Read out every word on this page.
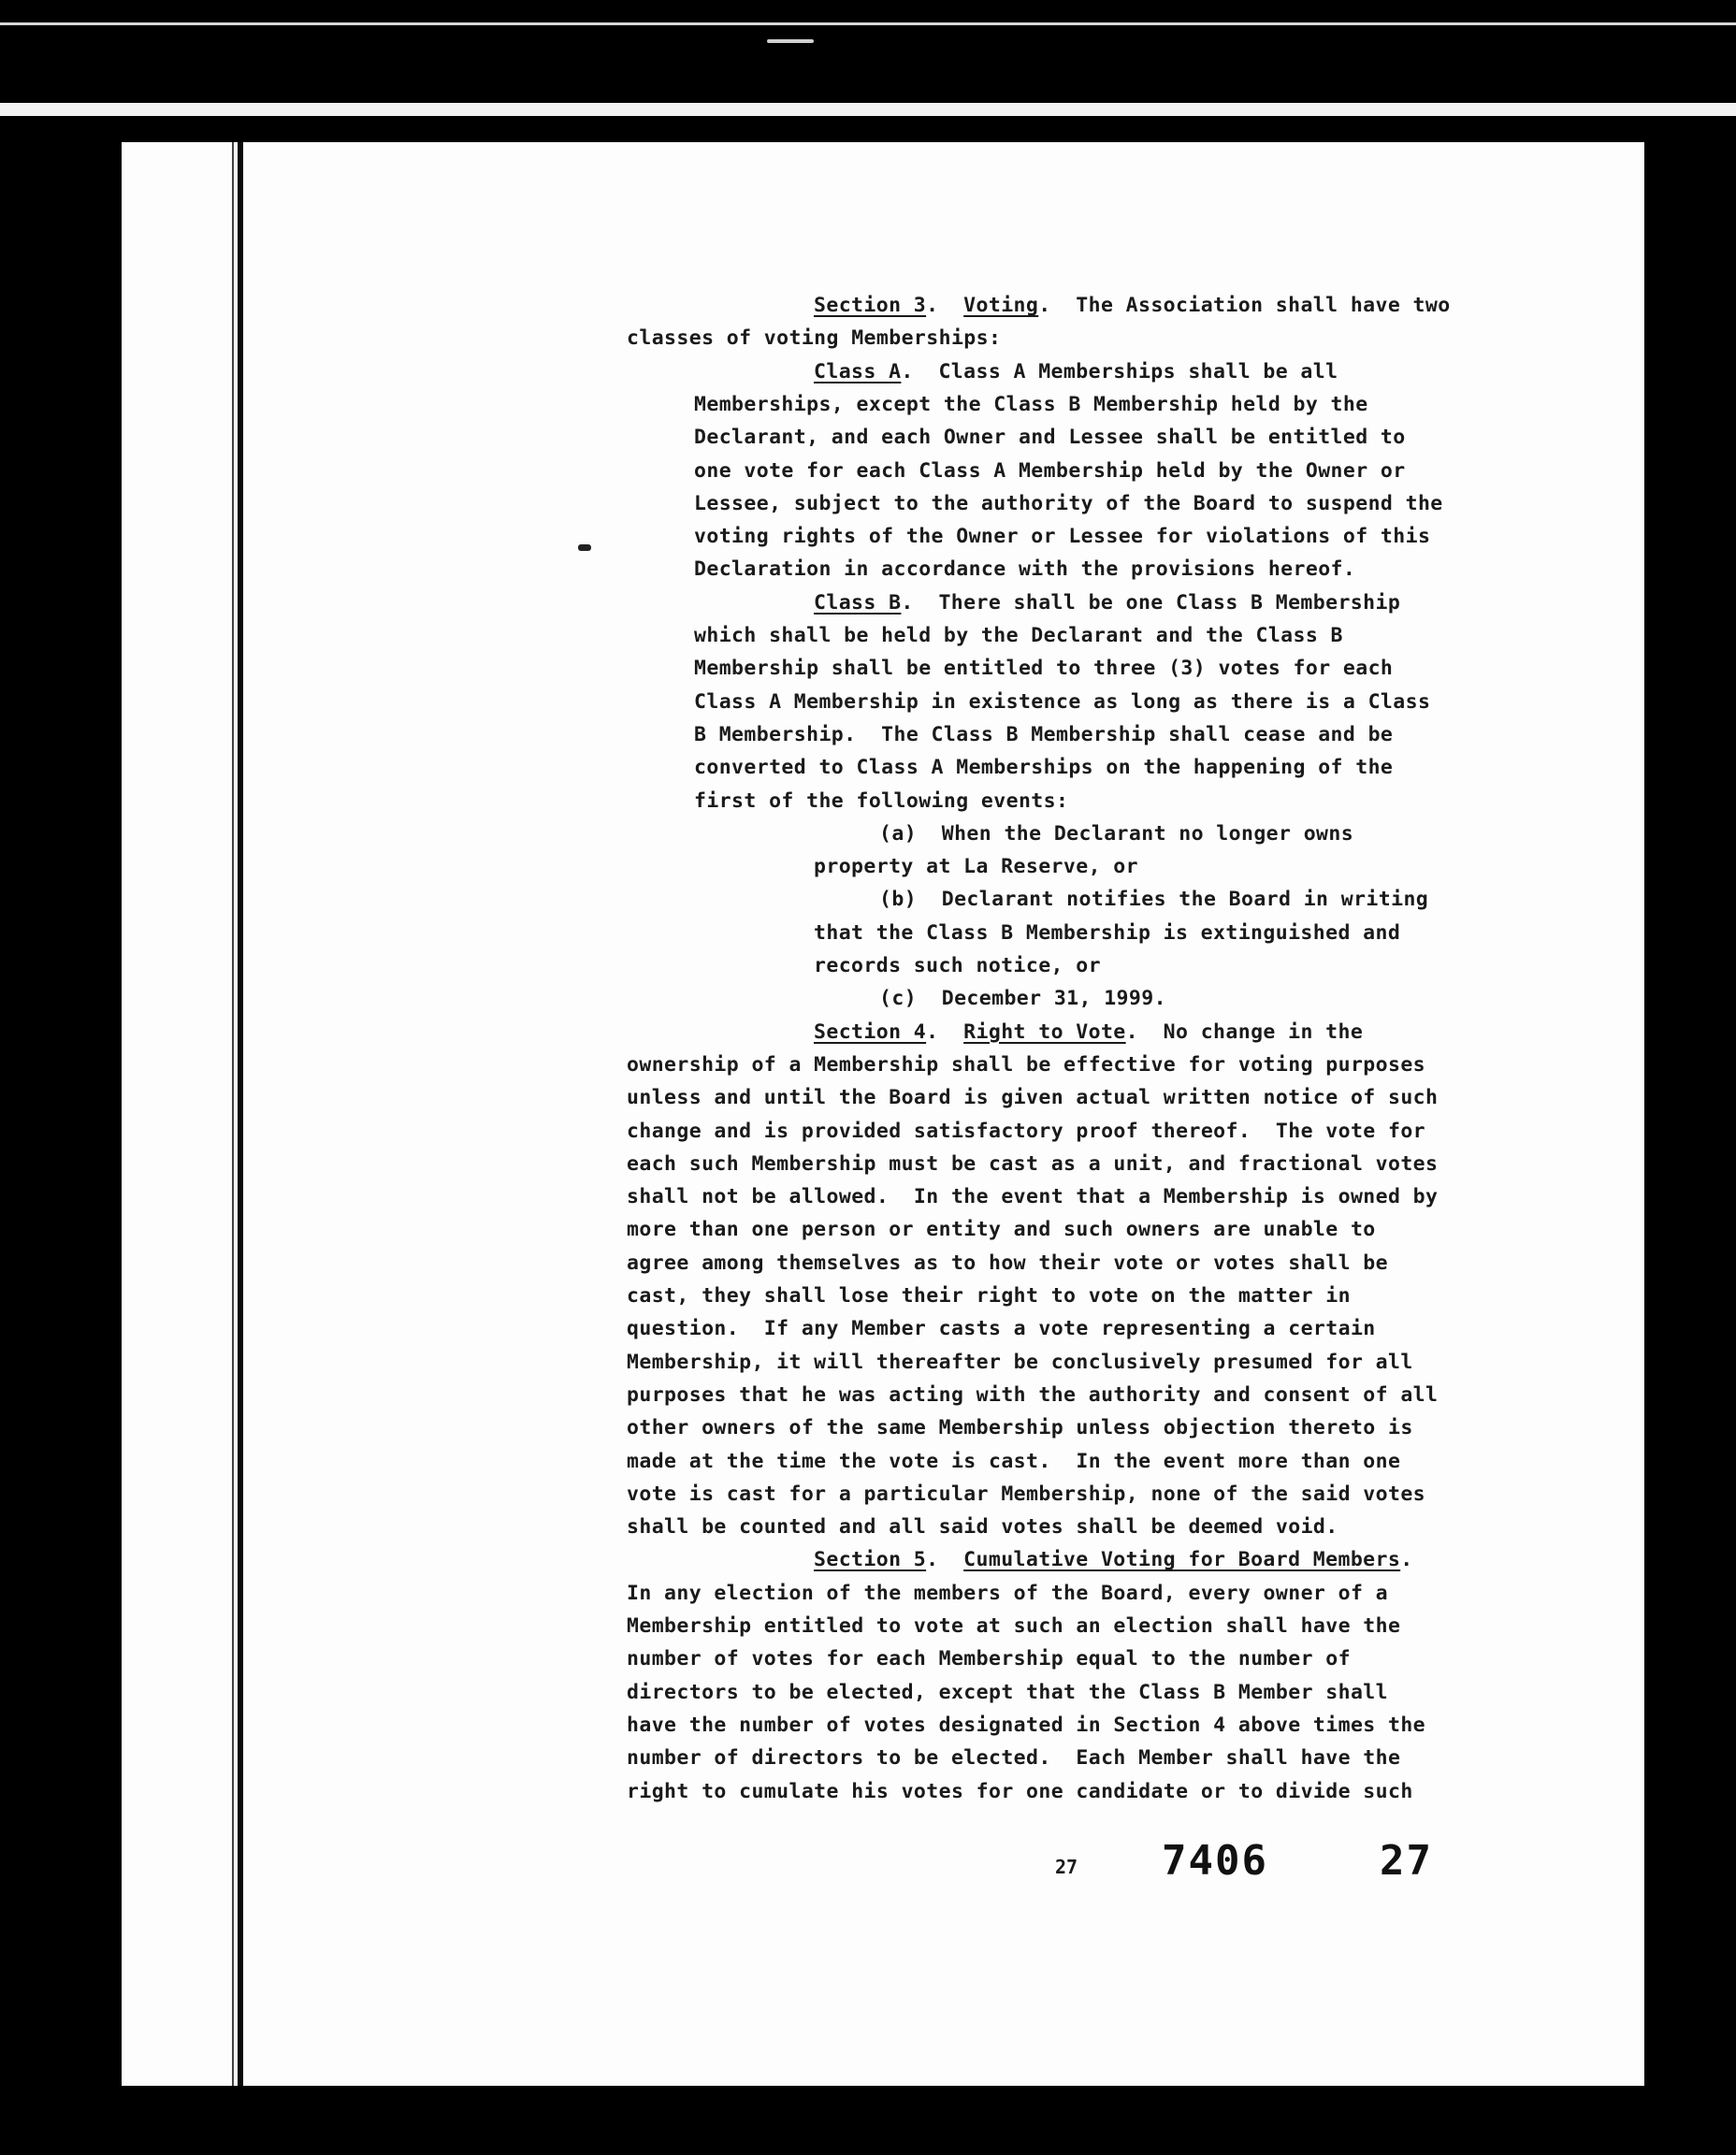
Section 3.  Voting.  The Association shall have two
classes of voting Memberships:
Class A.  Class A Memberships shall be all
Memberships, except the Class B Membership held by the
Declarant, and each Owner and Lessee shall be entitled to
one vote for each Class A Membership held by the Owner or
Lessee, subject to the authority of the Board to suspend the
voting rights of the Owner or Lessee for violations of this
Declaration in accordance with the provisions hereof.
Class B.  There shall be one Class B Membership
which shall be held by the Declarant and the Class B
Membership shall be entitled to three (3) votes for each
Class A Membership in existence as long as there is a Class
B Membership.  The Class B Membership shall cease and be
converted to Class A Memberships on the happening of the
first of the following events:
(a)  When the Declarant no longer owns
property at La Reserve, or
(b)  Declarant notifies the Board in writing
that the Class B Membership is extinguished and
records such notice, or
(c)  December 31, 1999.
Section 4.  Right to Vote.  No change in the
ownership of a Membership shall be effective for voting purposes
unless and until the Board is given actual written notice of such
change and is provided satisfactory proof thereof.  The vote for
each such Membership must be cast as a unit, and fractional votes
shall not be allowed.  In the event that a Membership is owned by
more than one person or entity and such owners are unable to
agree among themselves as to how their vote or votes shall be
cast, they shall lose their right to vote on the matter in
question.  If any Member casts a vote representing a certain
Membership, it will thereafter be conclusively presumed for all
purposes that he was acting with the authority and consent of all
other owners of the same Membership unless objection thereto is
made at the time the vote is cast.  In the event more than one
vote is cast for a particular Membership, none of the said votes
shall be counted and all said votes shall be deemed void.
Section 5.  Cumulative Voting for Board Members.
In any election of the members of the Board, every owner of a
Membership entitled to vote at such an election shall have the
number of votes for each Membership equal to the number of
directors to be elected, except that the Class B Member shall
have the number of votes designated in Section 4 above times the
number of directors to be elected.  Each Member shall have the
right to cumulate his votes for one candidate or to divide such
27 7406	27
